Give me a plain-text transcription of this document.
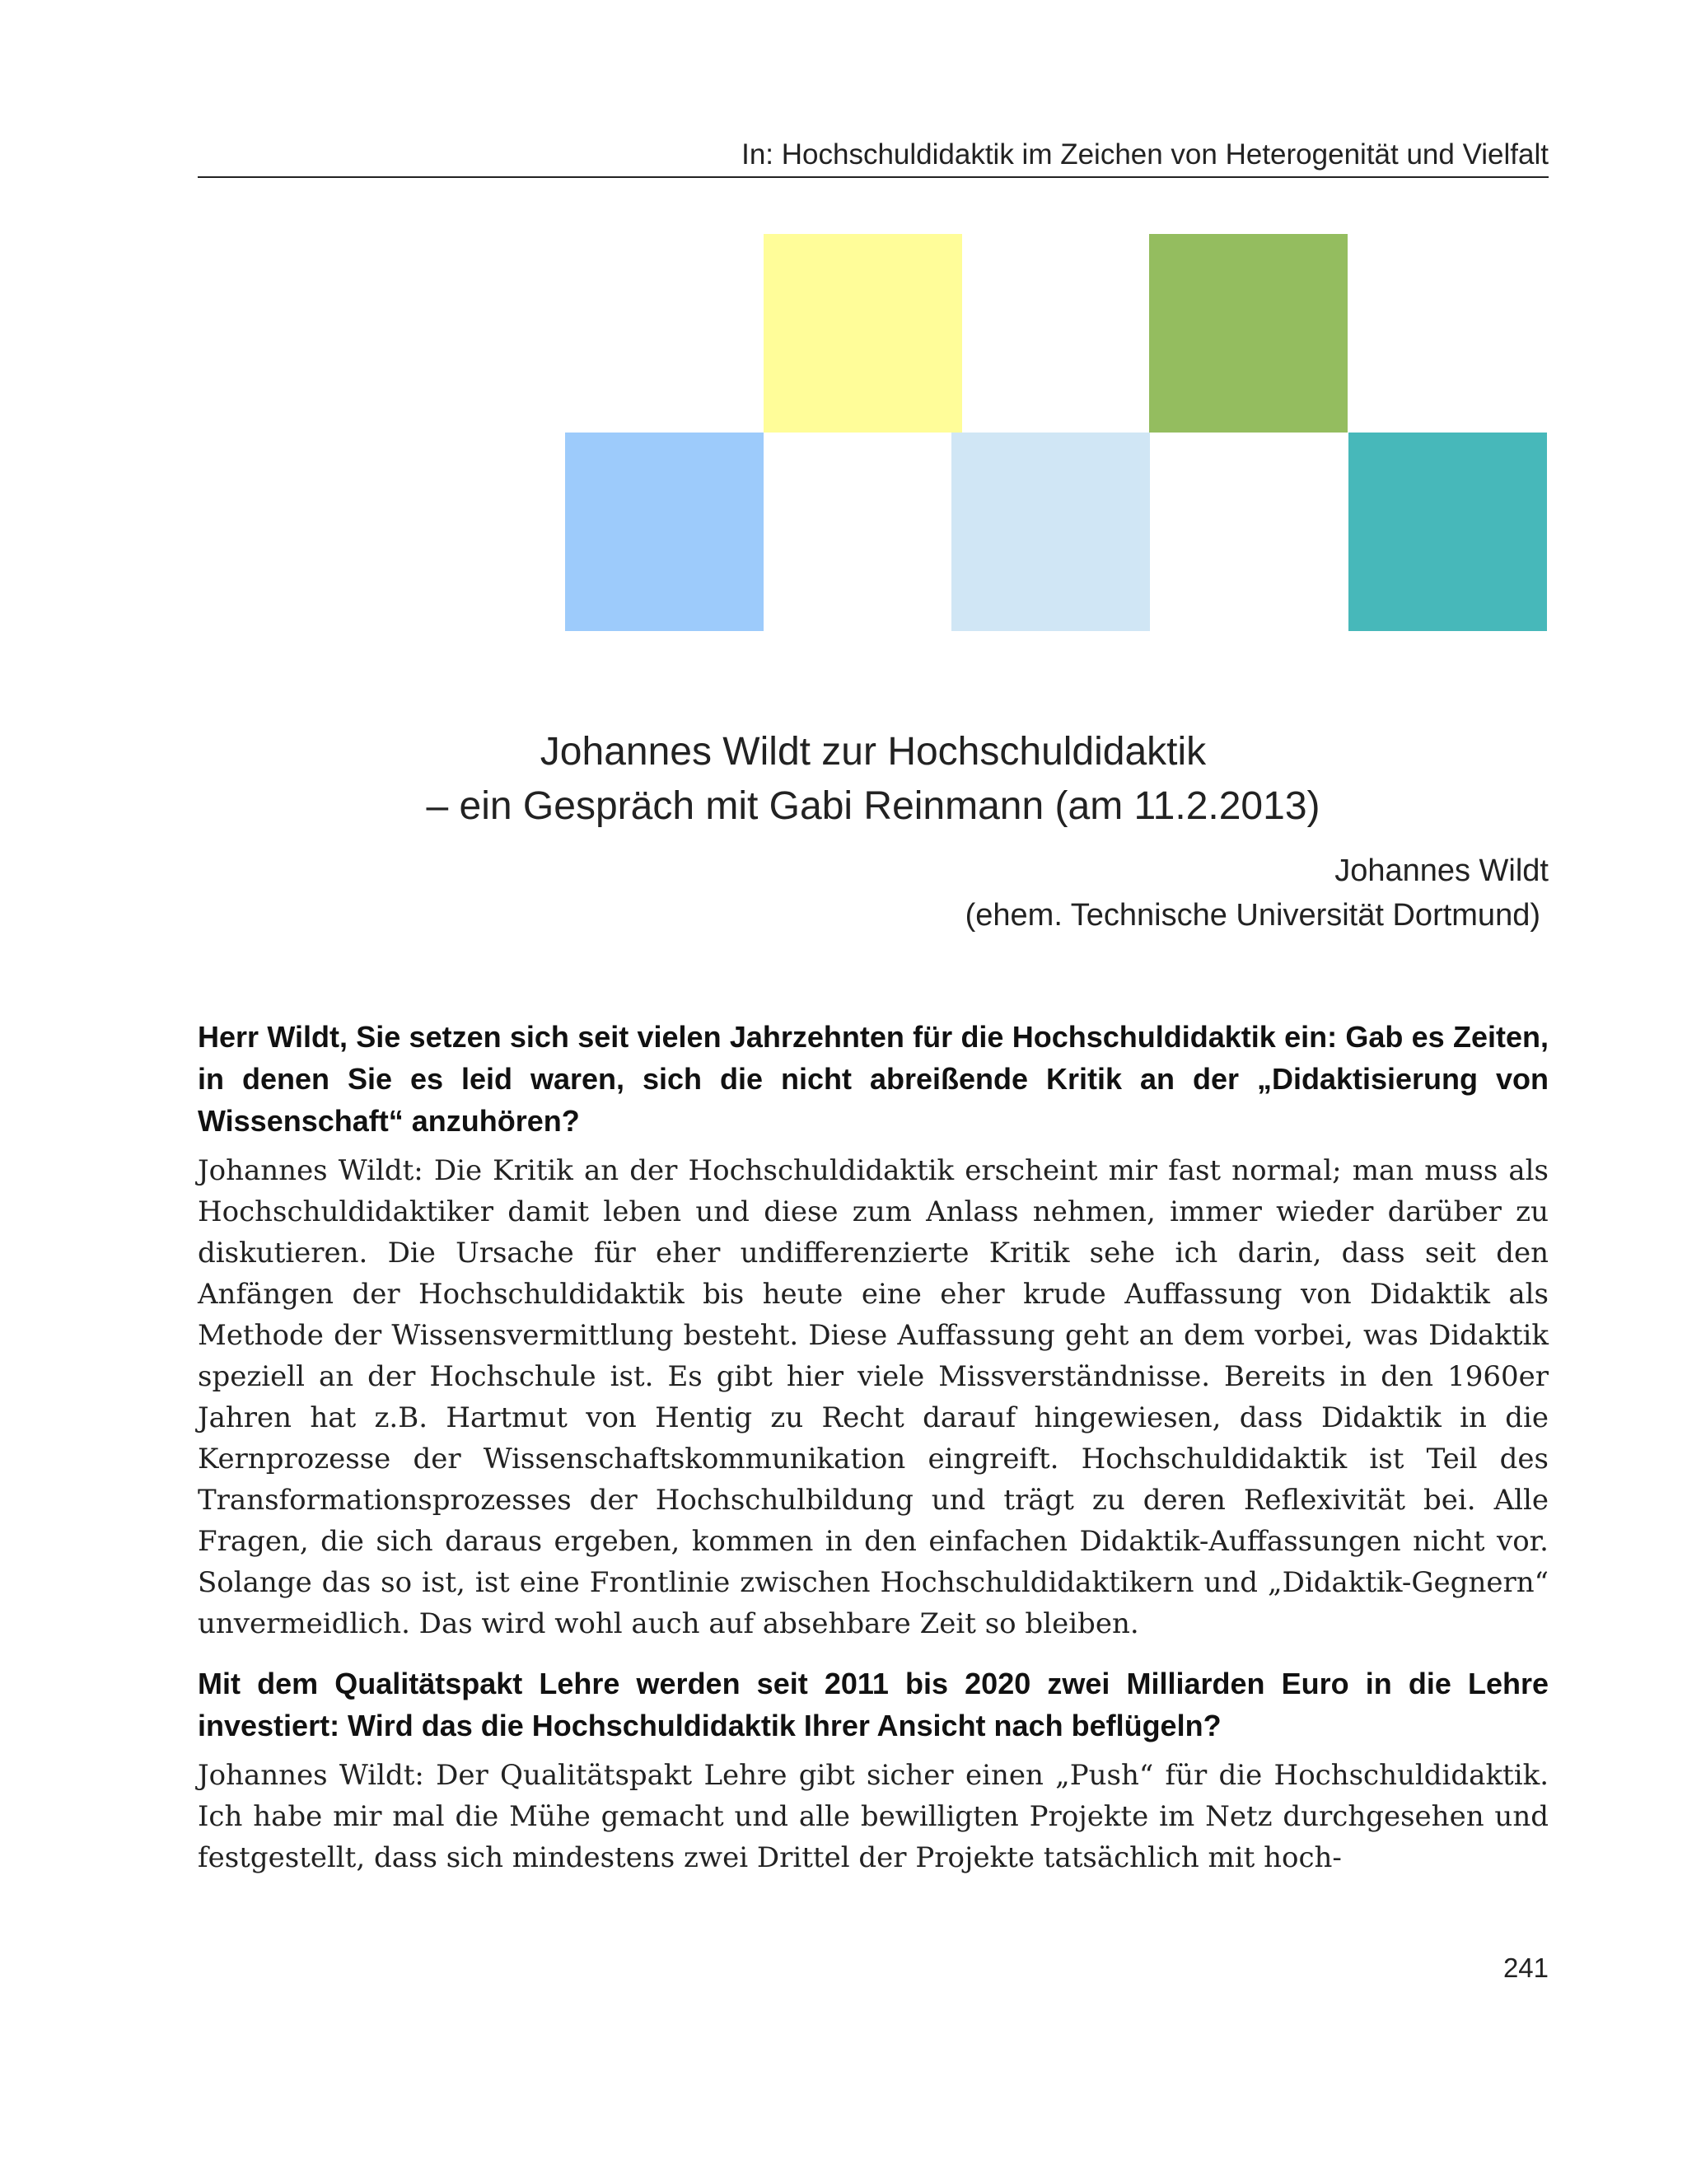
In: Hochschuldidaktik im Zeichen von Heterogenität und Vielfalt
Johannes Wildt zur Hochschuldidaktik
– ein Gespräch mit Gabi Reinmann (am 11.2.2013)
Johannes Wildt
(ehem. Technische Universität Dortmund)

Herr Wildt, Sie setzen sich seit vielen Jahrzehnten für die Hochschuldidaktik ein: Gab es Zeiten, in denen Sie es leid waren, sich die nicht abreißende Kritik an der „Didaktisierung von Wissenschaft“ anzuhören?

Johannes Wildt: Die Kritik an der Hochschuldidaktik erscheint mir fast normal; man muss als Hochschuldidaktiker damit leben und diese zum Anlass nehmen, immer wieder darüber zu diskutieren. Die Ursache für eher undifferenzierte Kritik sehe ich darin, dass seit den Anfängen der Hochschuldidaktik bis heute eine eher krude Auffassung von Didaktik als Methode der Wissensvermittlung besteht. Diese Auffassung geht an dem vorbei, was Didaktik speziell an der Hochschule ist. Es gibt hier viele Missverständnisse. Bereits in den 1960er Jahren hat z.B. Hartmut von Hentig zu Recht darauf hingewiesen, dass Didaktik in die Kernprozesse der Wissenschaftskommunikation eingreift. Hochschuldidaktik ist Teil des Transformationsprozesses der Hochschulbildung und trägt zu deren Reflexivität bei. Alle Fragen, die sich daraus ergeben, kommen in den einfachen Didaktik-Auffassungen nicht vor. Solange das so ist, ist eine Frontlinie zwischen Hochschuldidaktikern und „Didaktik-Gegnern“ unvermeidlich. Das wird wohl auch auf absehbare Zeit so bleiben.

Mit dem Qualitätspakt Lehre werden seit 2011 bis 2020 zwei Milliarden Euro in die Lehre investiert: Wird das die Hochschuldidaktik Ihrer Ansicht nach beflügeln?

Johannes Wildt: Der Qualitätspakt Lehre gibt sicher einen „Push“ für die Hochschuldidaktik. Ich habe mir mal die Mühe gemacht und alle bewilligten Projekte im Netz durchgesehen und festgestellt, dass sich mindestens zwei Drittel der Projekte tatsächlich mit hoch-

241
